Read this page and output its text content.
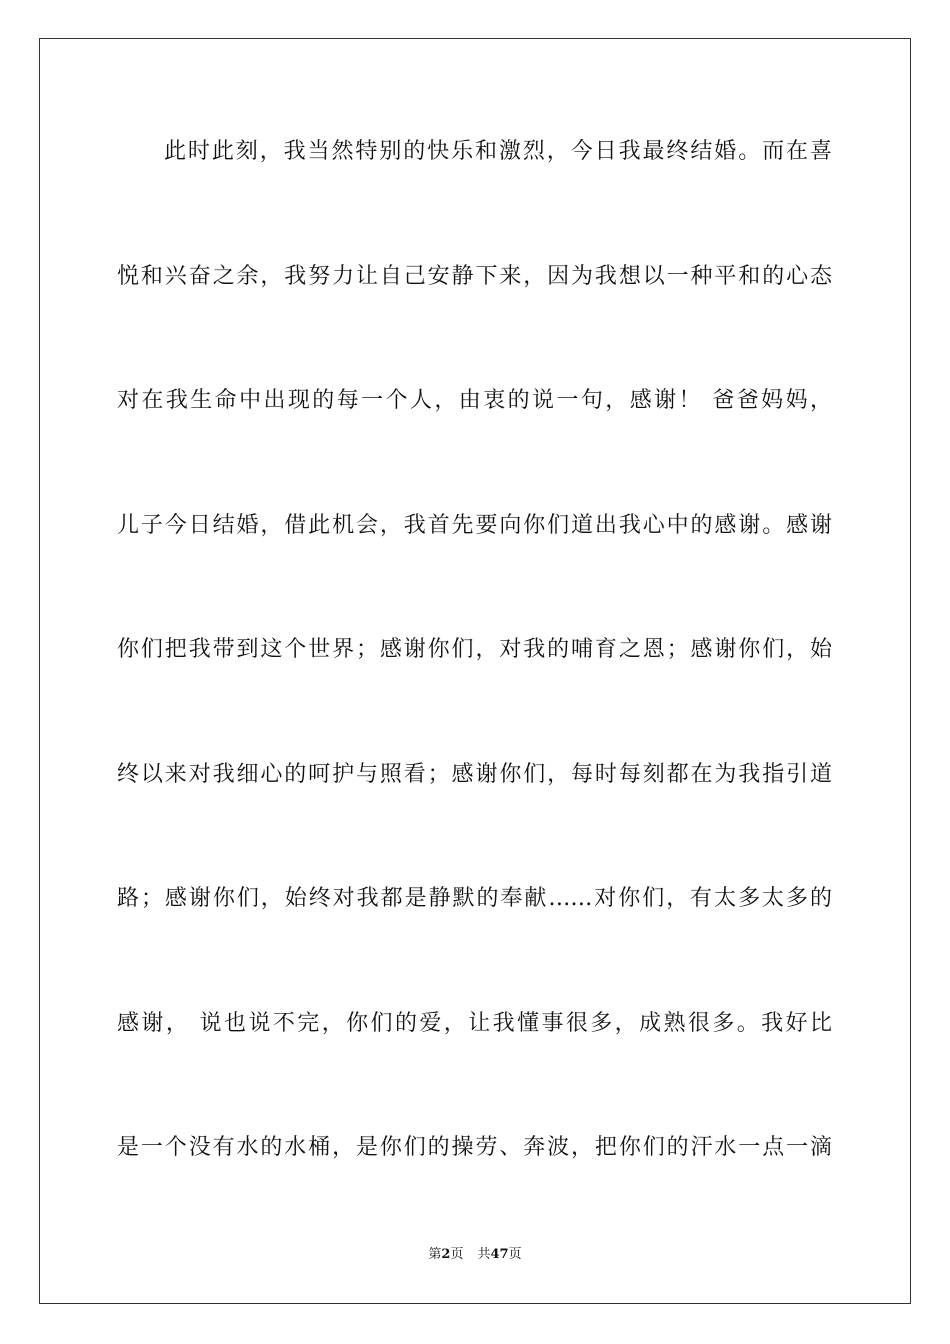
此时此刻，我当然特别的快乐和激烈，今日我最终结婚。而在喜
悦和兴奋之余，我努力让自己安静下来，因为我想以一种平和的心态
对在我生命中出现的每一个人，由衷的说一句，感谢！ 爸爸妈妈，
儿子今日结婚，借此机会，我首先要向你们道出我心中的感谢。感谢
你们把我带到这个世界；感谢你们，对我的哺育之恩；感谢你们，始
终以来对我细心的呵护与照看；感谢你们，每时每刻都在为我指引道
路；感谢你们，始终对我都是静默的奉献……对你们，有太多太多的
感谢， 说也说不完，你们的爱，让我懂事很多，成熟很多。我好比
是一个没有水的水桶，是你们的操劳、奔波，把你们的汗水一点一滴
第2页 共47页
